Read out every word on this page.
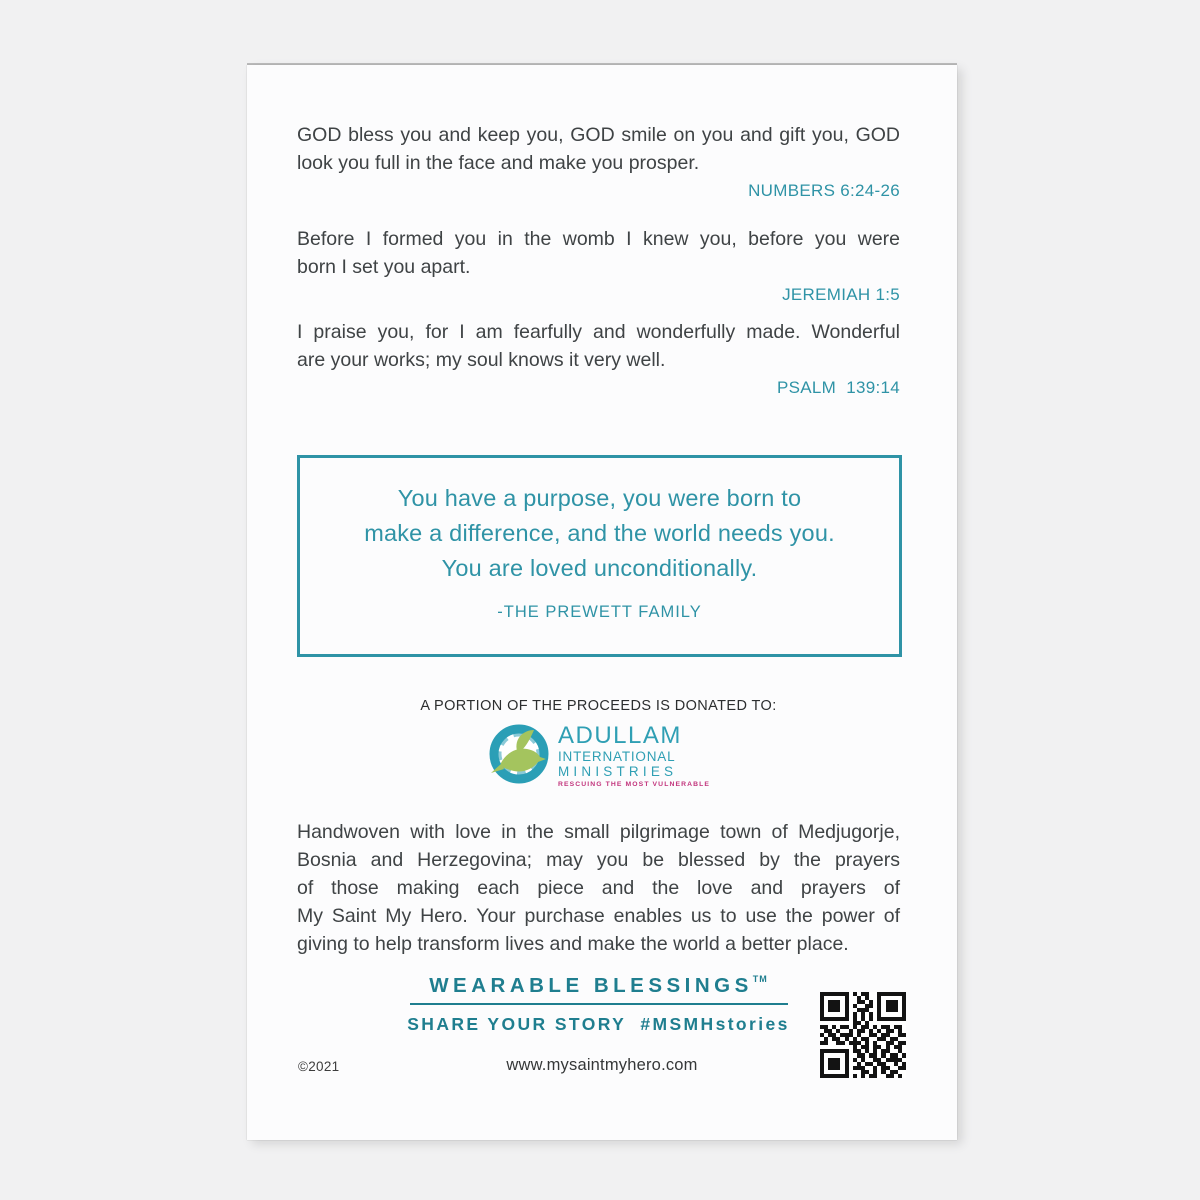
GOD bless you and keep you, GOD smile on you and gift you, GOD
look you full in the face and make you prosper.
NUMBERS 6:24-26
Before I formed you in the womb I knew you, before you were
born I set you apart.
JEREMIAH 1:5
I praise you, for I am fearfully and wonderfully made. Wonderful
are your works; my soul knows it very well.
PSALM  139:14
You have a purpose, you were born to
make a difference, and the world needs you.
You are loved unconditionally.
-THE PREWETT FAMILY
A PORTION OF THE PROCEEDS IS DONATED TO:
ADULLAM
INTERNATIONAL
MINISTRIES
RESCUING THE MOST VULNERABLE
Handwoven with love in the small pilgrimage town of Medjugorje,
Bosnia and Herzegovina; may you be blessed by the prayers
of those making each piece and the love and prayers of
My Saint My Hero. Your purchase enables us to use the power of
giving to help transform lives and make the world a better place.
WEARABLE BLESSINGS™
SHARE YOUR STORY  #MSMHstories
©2021	www.mysaintmyhero.com
